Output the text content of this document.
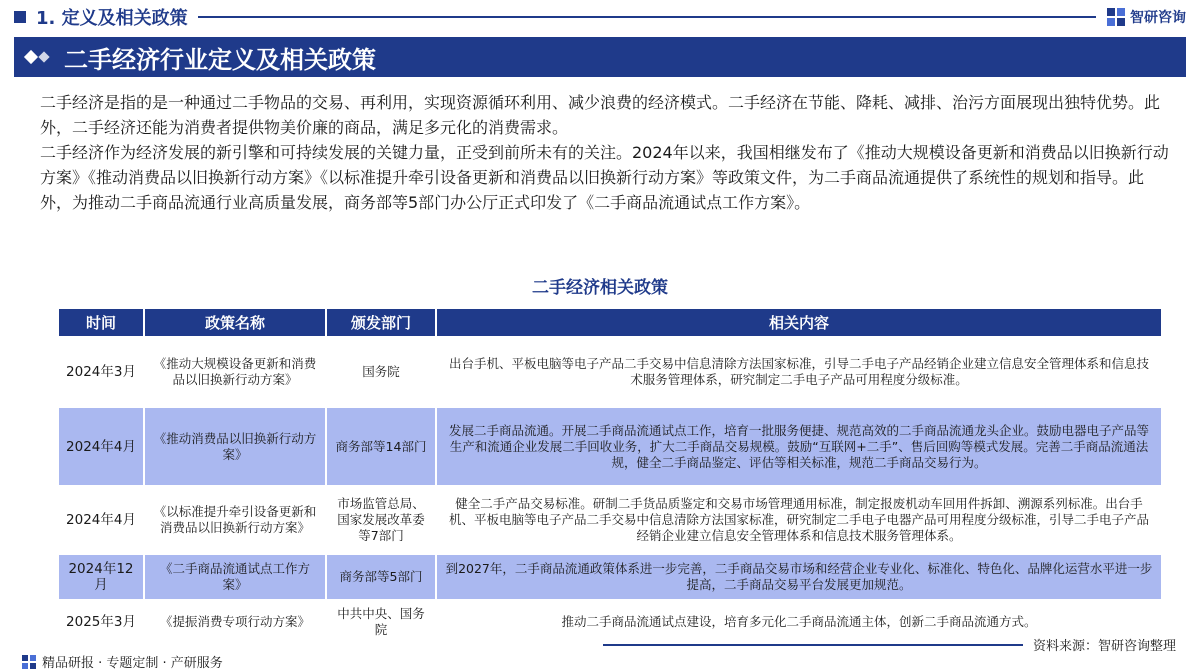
1. 定义及相关政策	智研咨询
二手经济行业定义及相关政策

二手经济是指的是一种通过二手物品的交易、再利用，实现资源循环利用、减少浪费的经济模式。二手经济在节能、降耗、减排、治污方面展现出独特优势。此外，二手经济还能为消费者提供物美价廉的商品，满足多元化的消费需求。

二手经济作为经济发展的新引擎和可持续发展的关键力量，正受到前所未有的关注。2024年以来，我国相继发布了《推动大规模设备更新和消费品以旧换新行动方案》《推动消费品以旧换新行动方案》《以标准提升牵引设备更新和消费品以旧换新行动方案》等政策文件，为二手商品流通提供了系统性的规划和指导。此外，为推动二手商品流通行业高质量发展，商务部等5部门办公厅正式印发了《二手商品流通试点工作方案》。

二手经济相关政策
时间	政策名称	颁发部门	相关内容
2024年3月	《推动大规模设备更新和消费品以旧换新行动方案》	国务院	出台手机、平板电脑等电子产品二手交易中信息清除方法国家标准，引导二手电子产品经销企业建立信息安全管理体系和信息技术服务管理体系，研究制定二手电子产品可用程度分级标准。
2024年4月	《推动消费品以旧换新行动方案》	商务部等14部门	发展二手商品流通。开展二手商品流通试点工作，培育一批服务便捷、规范高效的二手商品流通龙头企业。鼓励电器电子产品等生产和流通企业发展二手回收业务，扩大二手商品交易规模。鼓励“互联网+二手”、售后回购等模式发展。完善二手商品流通法规，健全二手商品鉴定、评估等相关标准，规范二手商品交易行为。
2024年4月	《以标准提升牵引设备更新和消费品以旧换新行动方案》	市场监管总局、国家发展改革委等7部门	健全二手产品交易标准。研制二手货品质鉴定和交易市场管理通用标准，制定报废机动车回用件拆卸、溯源系列标准。出台手机、平板电脑等电子产品二手交易中信息清除方法国家标准，研究制定二手电子电器产品可用程度分级标准，引导二手电子产品经销企业建立信息安全管理体系和信息技术服务管理体系。
2024年12月	《二手商品流通试点工作方案》	商务部等5部门	到2027年，二手商品流通政策体系进一步完善，二手商品交易市场和经营企业专业化、标准化、特色化、品牌化运营水平进一步提高，二手商品交易平台发展更加规范。
2025年3月	《提振消费专项行动方案》	中共中央、国务院	推动二手商品流通试点建设，培育多元化二手商品流通主体，创新二手商品流通方式。
资料来源：智研咨询整理
精品研报 · 专题定制 · 产研服务
